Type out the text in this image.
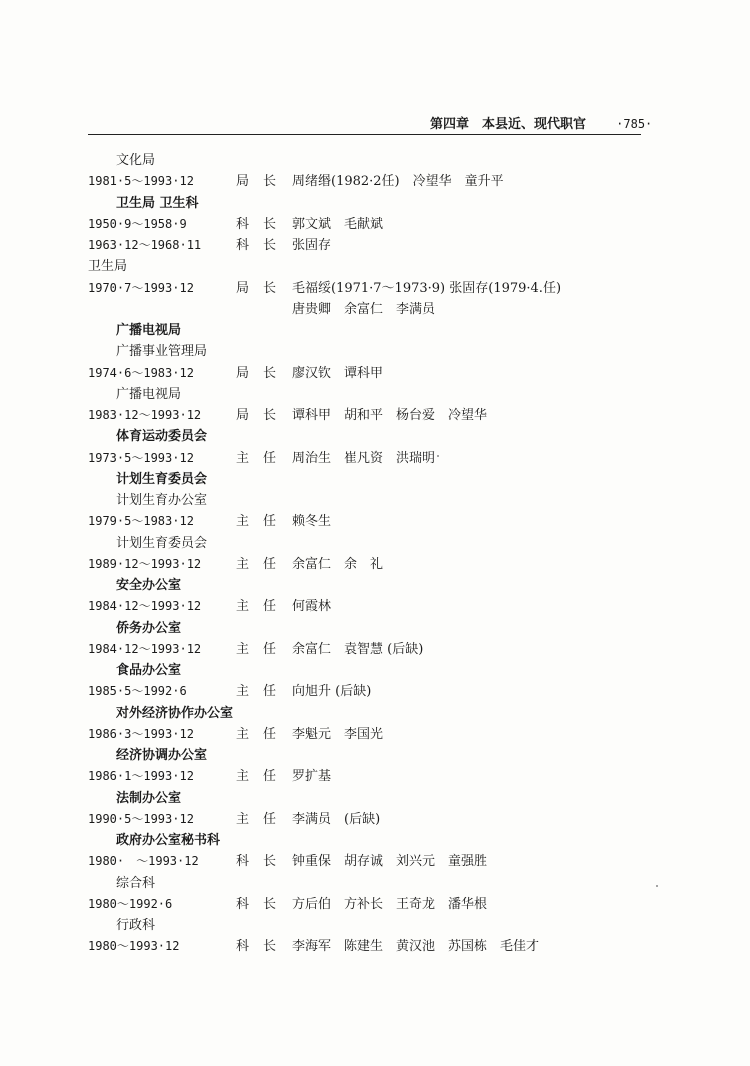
第四章　本县近、现代职官	·785·
文化局
1981·5～1993·12	局长 周绪缗(1982·2任)　冷望华　童升平
卫生局 卫生科
1950·9～1958·9	科长 郭文斌　毛献斌
1963·12～1968·11	科长 张固存
卫生局
1970·7～1993·12	局长 毛福绥(1971·7～1973·9) 张固存(1979·4.任)
唐贵卿　余富仁　李满员
广播电视局
广播事业管理局
1974·6～1983·12	局长 廖汉钦　谭科甲
广播电视局
1983·12～1993·12	局长 谭科甲　胡和平　杨台爱　冷望华
体育运动委员会
1973·5～1993·12	主任 周治生　崔凡资　洪瑞明
计划生育委员会
计划生育办公室
1979·5～1983·12	主任 赖冬生
计划生育委员会
1989·12～1993·12	主任 余富仁　余　礼
安全办公室
1984·12～1993·12	主任 何霞林
侨务办公室
1984·12～1993·12	主任 余富仁　袁智慧 (后缺)
食品办公室
1985·5～1992·6	主任 向旭升 (后缺)
对外经济协作办公室
1986·3～1993·12	主任 李魁元　李国光
经济协调办公室
1986·1～1993·12	主任 罗扩基
法制办公室
1990·5～1993·12	主任 李满员　(后缺)
政府办公室秘书科
1980·　～1993·12	科长 钟重保　胡存诚　刘兴元　童强胜
综合科
1980～1992·6	科长 方后伯　方补长　王奇龙　潘华根
行政科
1980～1993·12	科长 李海军　陈建生　黄汉池　苏国栋　毛佳才
